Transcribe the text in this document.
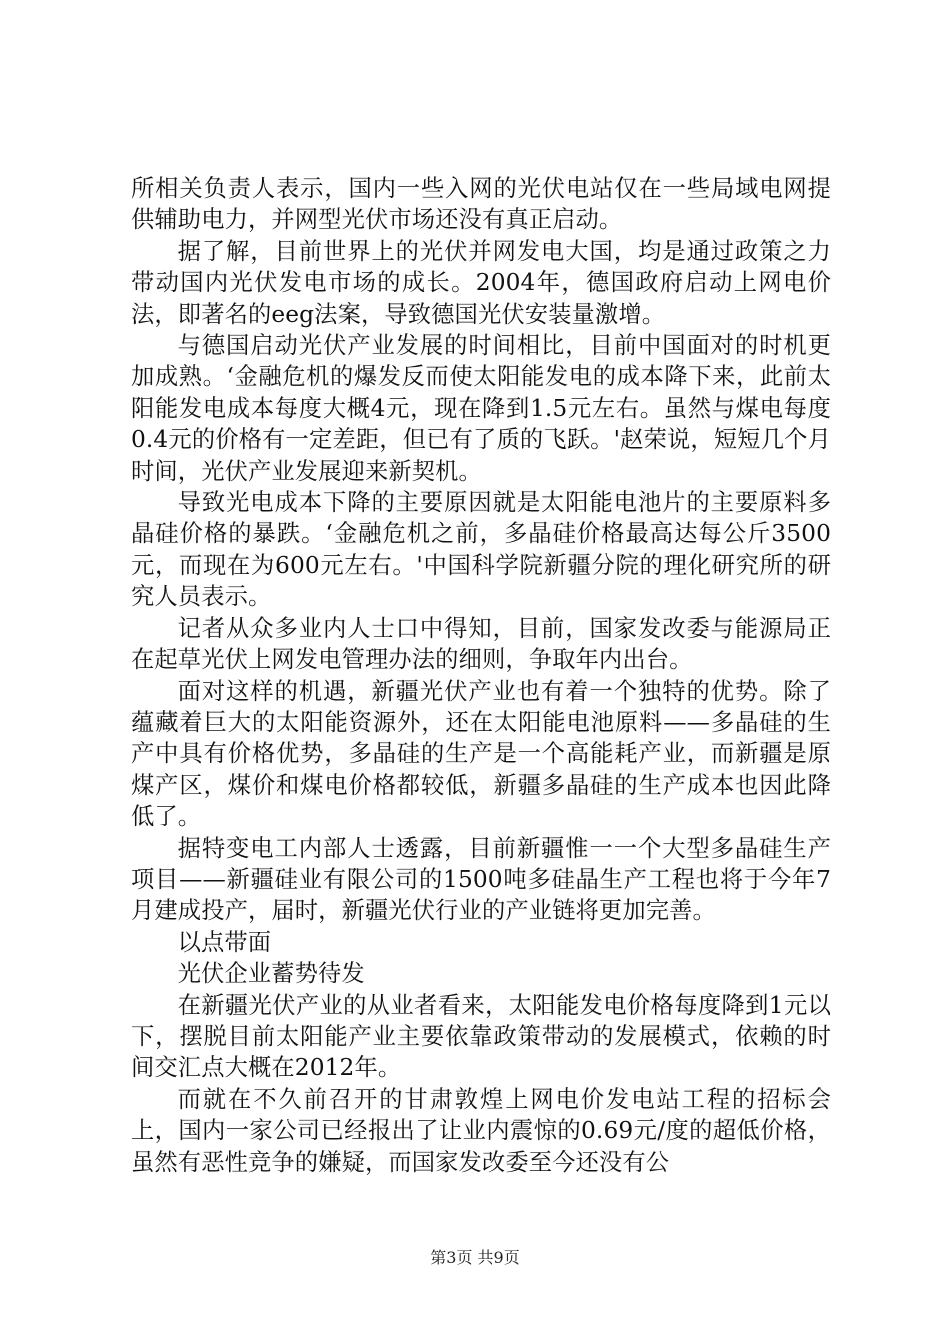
所相关负责人表示，国内一些入网的光伏电站仅在一些局域电网提供辅助电力，并网型光伏市场还没有真正启动。

据了解，目前世界上的光伏并网发电大国，均是通过政策之力带动国内光伏发电市场的成长。2004年，德国政府启动上网电价法，即著名的eeg法案，导致德国光伏安装量激增。

与德国启动光伏产业发展的时间相比，目前中国面对的时机更加成熟。‘金融危机的爆发反而使太阳能发电的成本降下来，此前太阳能发电成本每度大概4元，现在降到1.5元左右。虽然与煤电每度0.4元的价格有一定差距，但已有了质的飞跃。'赵荣说，短短几个月时间，光伏产业发展迎来新契机。

导致光电成本下降的主要原因就是太阳能电池片的主要原料多晶硅价格的暴跌。‘金融危机之前，多晶硅价格最高达每公斤3500元，而现在为600元左右。'中国科学院新疆分院的理化研究所的研究人员表示。

记者从众多业内人士口中得知，目前，国家发改委与能源局正在起草光伏上网发电管理办法的细则，争取年内出台。

面对这样的机遇，新疆光伏产业也有着一个独特的优势。除了蕴藏着巨大的太阳能资源外，还在太阳能电池原料——多晶硅的生产中具有价格优势，多晶硅的生产是一个高能耗产业，而新疆是原煤产区，煤价和煤电价格都较低，新疆多晶硅的生产成本也因此降低了。

据特变电工内部人士透露，目前新疆惟一一个大型多晶硅生产项目——新疆硅业有限公司的1500吨多硅晶生产工程也将于今年7月建成投产，届时，新疆光伏行业的产业链将更加完善。

以点带面

光伏企业蓄势待发

在新疆光伏产业的从业者看来，太阳能发电价格每度降到1元以下，摆脱目前太阳能产业主要依靠政策带动的发展模式，依赖的时间交汇点大概在2012年。

而就在不久前召开的甘肃敦煌上网电价发电站工程的招标会上，国内一家公司已经报出了让业内震惊的0.69元/度的超低价格，虽然有恶性竞争的嫌疑，而国家发改委至今还没有公

第3页 共9页
